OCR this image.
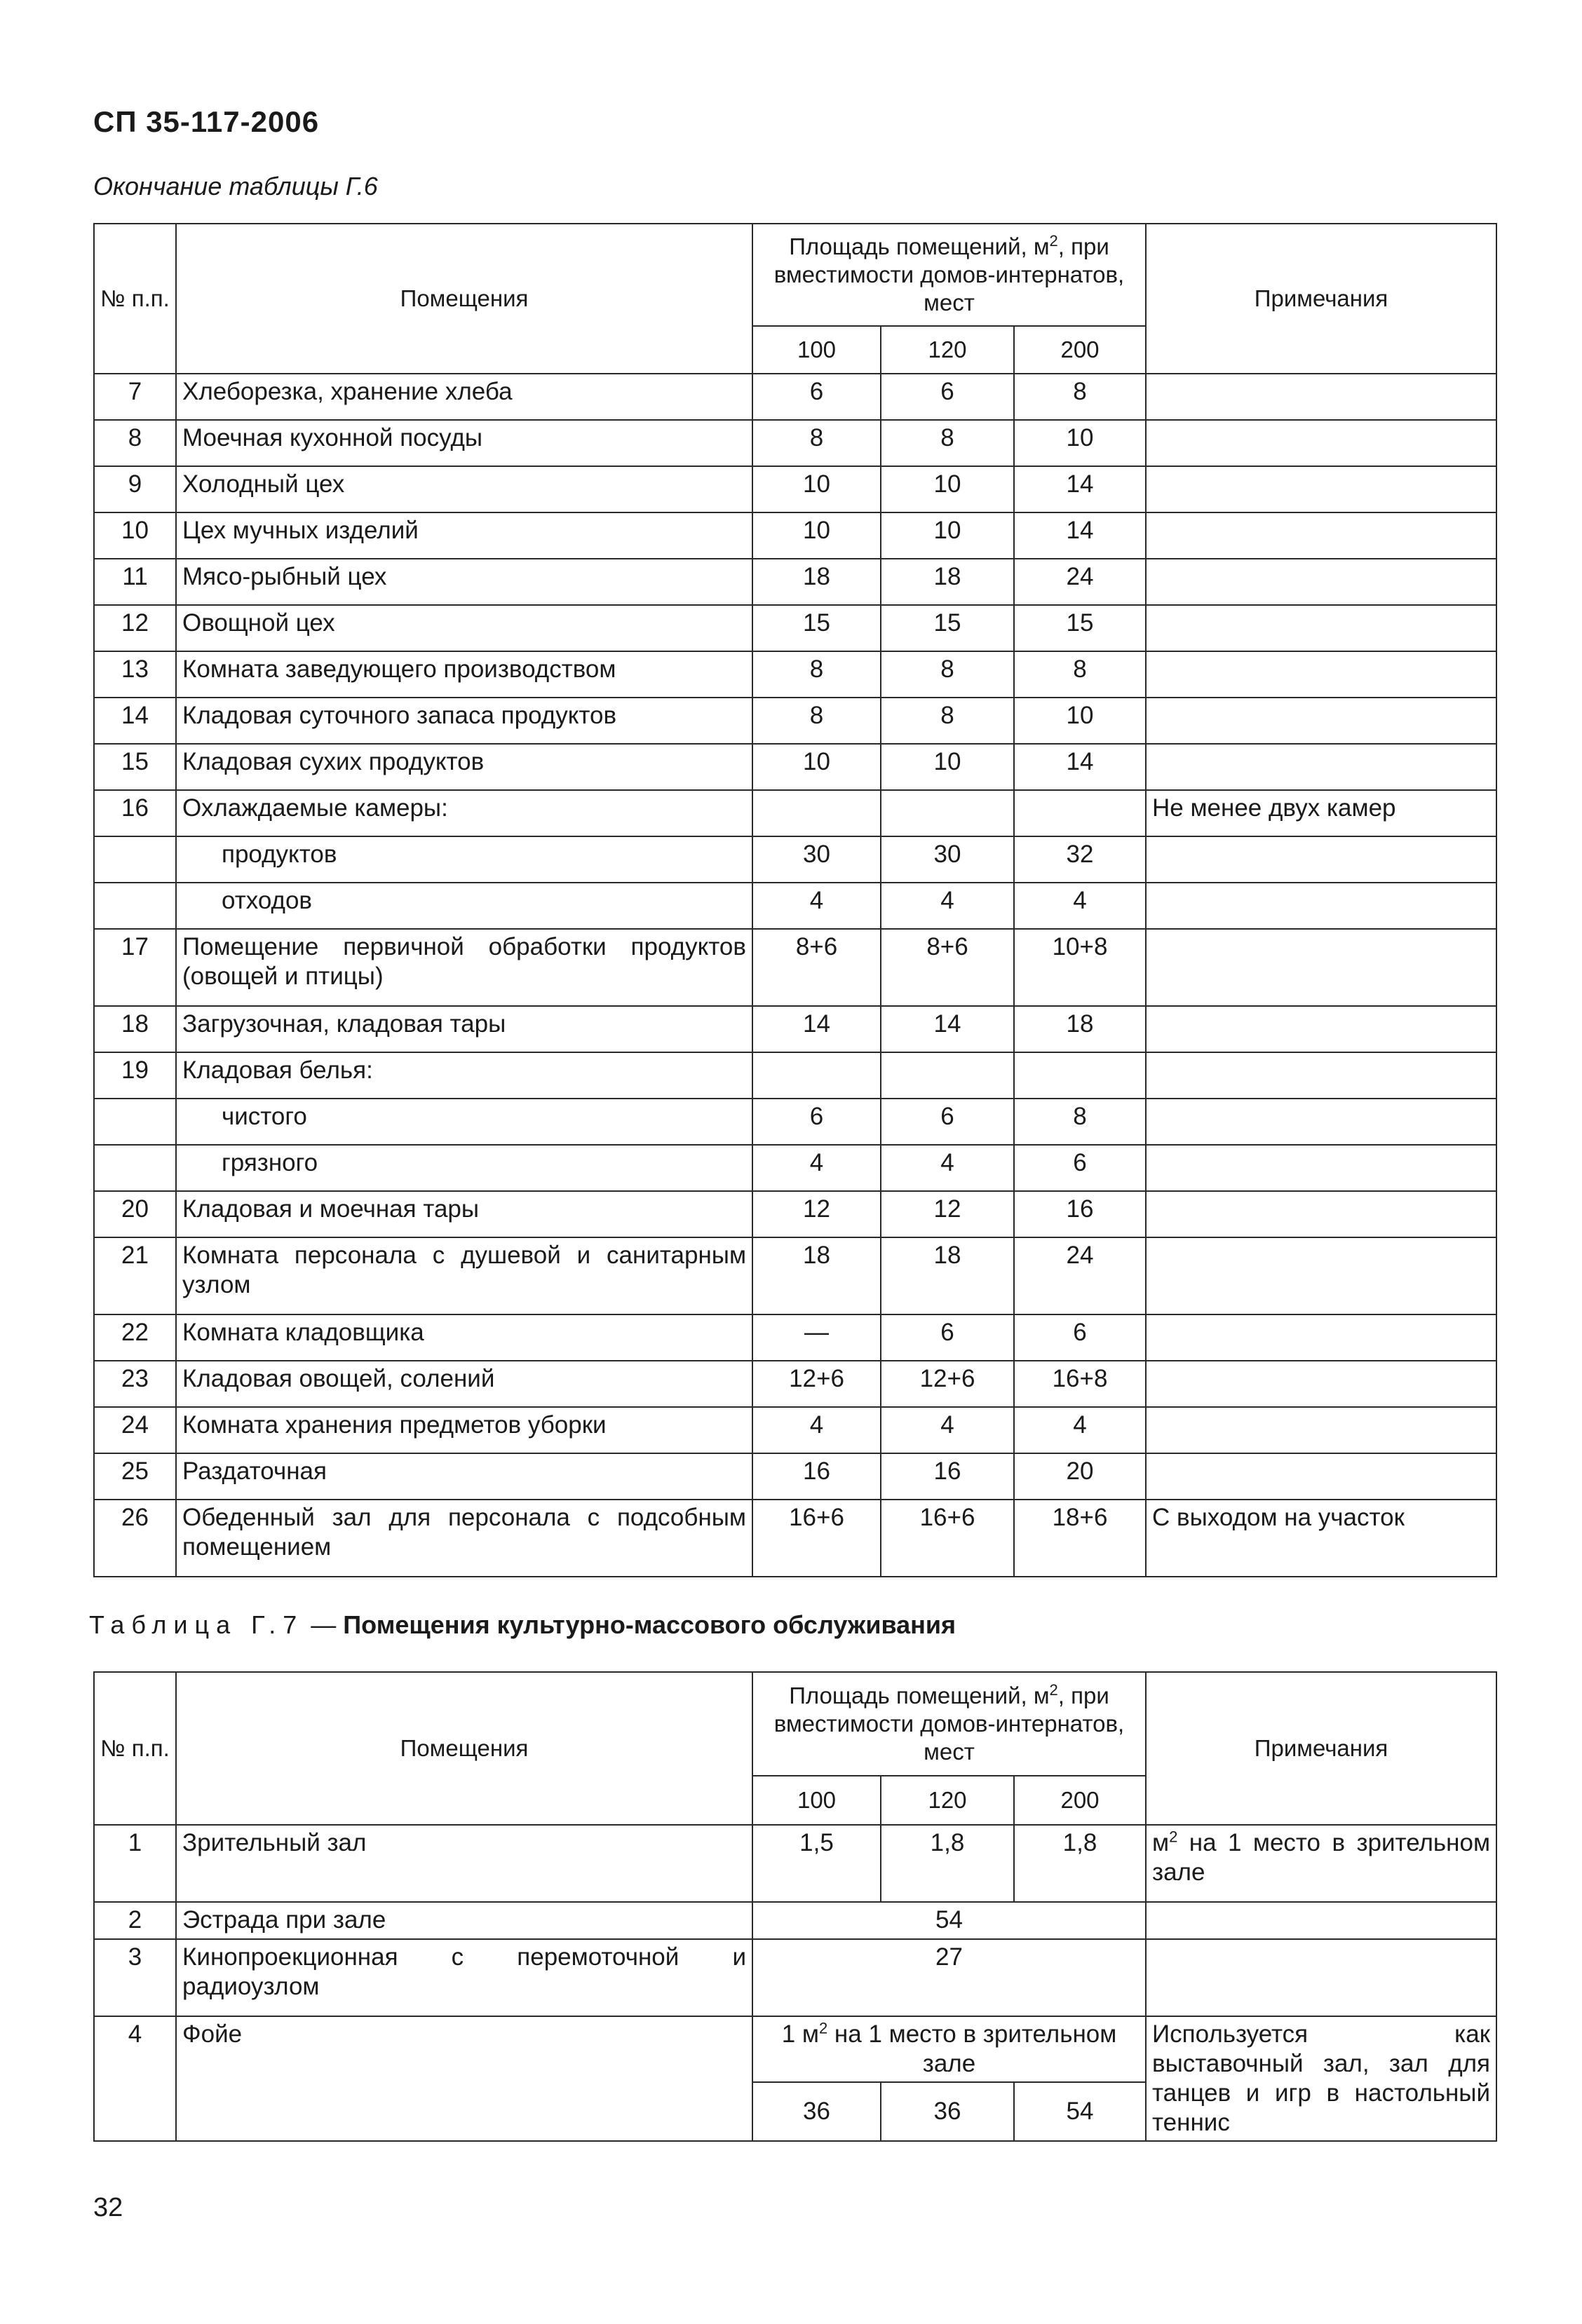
СП 35-117-2006
Окончание таблицы Г.6
№ п.п.	Помещения	Площадь помещений, $м^2$, при вместимости домов-интернатов, мест			Примечания
		100	120	200	
7	Хлеборезка, хранение хлеба	6	6	8	
8	Моечная кухонной посуды	8	8	10	
9	Холодный цех	10	10	14	
10	Цех мучных изделий	10	10	14	
11	Мясо-рыбный цех	18	18	24	
12	Овощной цех	15	15	15	
13	Комната заведующего производством	8	8	8	
14	Кладовая суточного запаса продуктов	8	8	10	
15	Кладовая сухих продуктов	10	10	14	
16	Охлаждаемые камеры:				Не менее двух камер
	продуктов	30	30	32	
	отходов	4	4	4	
17	Помещение первичной обработки продуктов (овощей и птицы)	8+6	8+6	10+8	
18	Загрузочная, кладовая тары	14	14	18	
19	Кладовая белья:				
	чистого	6	6	8	
	грязного	4	4	6	
20	Кладовая и моечная тары	12	12	16	
21	Комната персонала с душевой и санитарным узлом	18	18	24	
22	Комната кладовщика	—	6	6	
23	Кладовая овощей, солений	12+6	12+6	16+8	
24	Комната хранения предметов уборки	4	4	4	
25	Раздаточная	16	16	20	
26	Обеденный зал для персонала с подсобным помещением	16+6	16+6	18+6	С выходом на участок
Таблица Г.7 — Помещения культурно-массового обслуживания
№ п.п.	Помещения	Площадь помещений, $м^2$, при вместимости домов-интернатов, мест			Примечания
		100	120	200	
1	Зрительный зал	1,5	1,8	1,8	$м^2$ на 1 место в зрительном зале
2	Эстрада при зале	54			
3	Кинопроекционная с перемоточной и радиоузлом	27			
4	Фойе	1 $м^2$ на 1 место в зрительном зале			Используется как выставочный зал, зал для танцев и игр в настольный теннис
		36	36	54	
32
